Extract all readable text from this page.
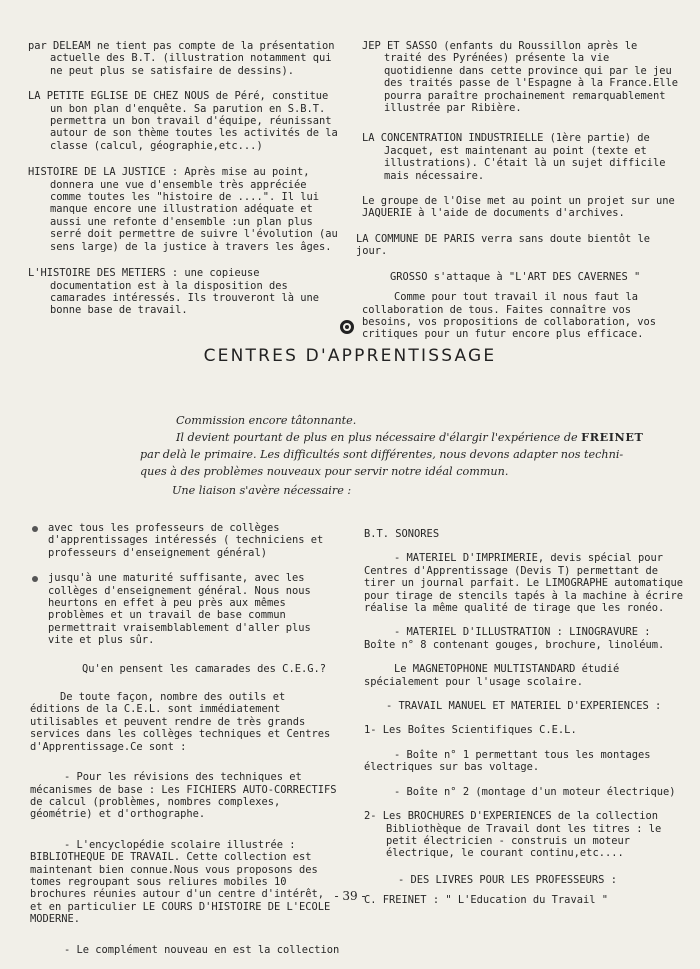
par DELEAM ne tient pas compte de la présentation actuelle des B.T. (illustration notamment qui ne peut plus se satisfaire de dessins).

LA PETITE EGLISE DE CHEZ NOUS de Péré, constitue un bon plan d'enquête. Sa parution en S.B.T. permettra un bon travail d'équipe, réunissant autour de son thème toutes les activités de la classe (calcul, géographie,etc...)

HISTOIRE DE LA JUSTICE : Après mise au point, donnera une vue d'ensemble très appréciée comme toutes les "histoire de ....". Il lui manque encore une illustration adéquate et aussi une refonte d'ensemble :un plan plus serré doit permettre de suivre l'évolution (au sens large) de la justice à travers les âges.

L'HISTOIRE DES METIERS : une copieuse documentation est à la disposition des camarades intéressés. Ils trouveront là une bonne base de travail.

JEP ET SASSO (enfants du Roussillon après le traité des Pyrénées) présente la vie quotidienne dans cette province qui par le jeu des traités passe de l'Espagne à la France.Elle pourra paraître prochainement remarquablement illustrée par Ribière.

LA CONCENTRATION INDUSTRIELLE (1ère partie) de Jacquet, est maintenant au point (texte et illustrations). C'était là un sujet difficile mais nécessaire.

Le groupe de l'Oise met au point un projet sur une JAQUERIE à l'aide de documents d'archives.

LA COMMUNE DE PARIS verra sans doute bientôt le jour.

GROSSO s'attaque à "L'ART DES CAVERNES "

Comme pour tout travail il nous faut la collaboration de tous. Faites connaître vos besoins, vos propositions de collaboration, vos critiques pour un futur encore plus efficace.

CENTRES D'APPRENTISSAGE
Commission encore tâtonnante.
Il devient pourtant de plus en plus nécessaire d'élargir l'expérience de FREINET
par delà le primaire. Les difficultés sont différentes, nous devons adapter nos techni-
ques à des problèmes nouveaux pour servir notre idéal commun.
Une liaison s'avère nécessaire :

avec tous les professeurs de collèges d'apprentissages intéressés ( techniciens et professeurs d'enseignement général)

jusqu'à une maturité suffisante, avec les collèges d'enseignement général. Nous nous heurtons en effet à peu près aux mêmes problèmes et un travail de base commun permettrait vraisemblablement d'aller plus vite et plus sûr.

Qu'en pensent les camarades des C.E.G.?

De toute façon, nombre des outils et éditions de la C.E.L. sont immédiatement utilisables et peuvent rendre de très grands services dans les collèges techniques et Centres d'Apprentissage.Ce sont :

- Pour les révisions des techniques et mécanismes de base : Les FICHIERS AUTO-CORRECTIFS de calcul (problèmes, nombres complexes, géométrie) et d'orthographe.

- L'encyclopédie scolaire illustrée : BIBLIOTHEQUE DE TRAVAIL. Cette collection est maintenant bien connue.Nous vous proposons des tomes regroupant sous reliures mobiles 10 brochures réunies autour d'un centre d'intérêt, et en particulier LE COURS D'HISTOIRE DE L'ECOLE MODERNE.

- Le complément nouveau en est la collection

B.T. SONORES

- MATERIEL D'IMPRIMERIE, devis spécial pour Centres d'Apprentissage (Devis T) permettant de tirer un journal parfait. Le LIMOGRAPHE automatique pour tirage de stencils tapés à la machine à écrire réalise la même qualité de tirage que les ronéo.

- MATERIEL D'ILLUSTRATION : LINOGRAVURE : Boîte n° 8 contenant gouges, brochure, linoléum.

Le MAGNETOPHONE MULTISTANDARD étudié spécialement pour l'usage scolaire.

- TRAVAIL MANUEL ET MATERIEL D'EXPERIENCES :

1- Les Boîtes Scientifiques C.E.L.

- Boîte n° 1 permettant tous les montages électriques sur bas voltage.

- Boîte n° 2 (montage d'un moteur électrique)

2- Les BROCHURES D'EXPERIENCES de la collection Bibliothèque de Travail dont les titres : le petit électricien - construis un moteur électrique, le courant continu,etc....

- DES LIVRES POUR LES PROFESSEURS :

C. FREINET : " L'Education du Travail "

- 39 -
